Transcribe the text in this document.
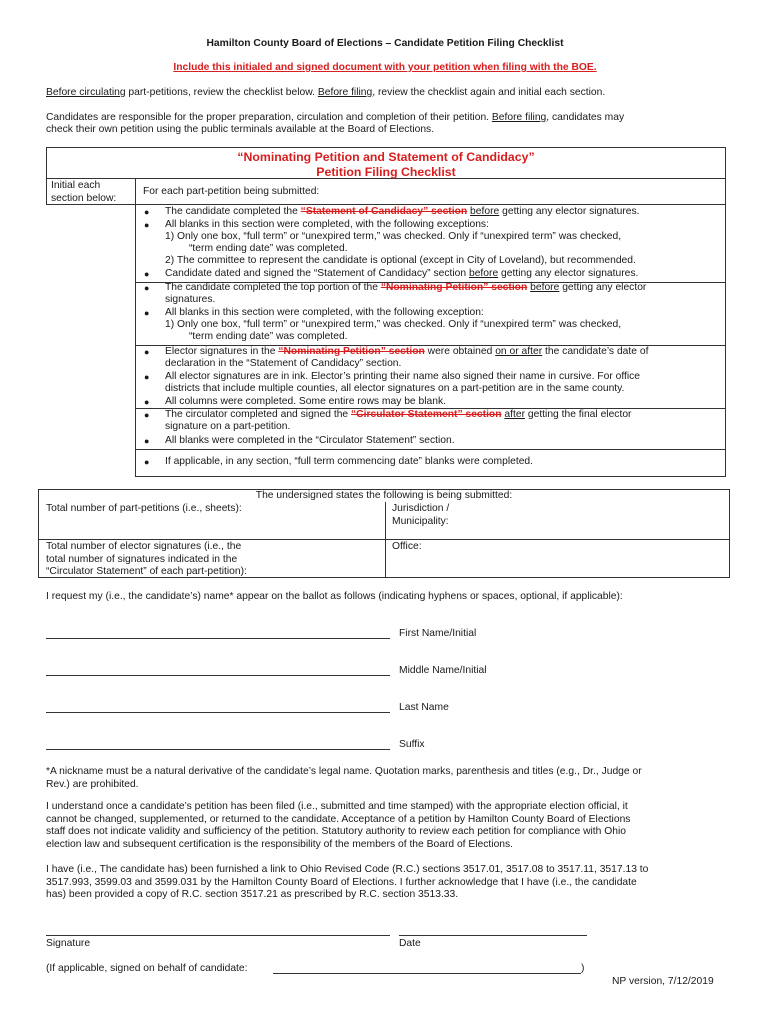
Hamilton County Board of Elections – Candidate Petition Filing Checklist
Include this initialed and signed document with your petition when filing with the BOE.
Before circulating part-petitions, review the checklist below. Before filing, review the checklist again and initial each section.
Candidates are responsible for the proper preparation, circulation and completion of their petition. Before filing, candidates may
check their own petition using the public terminals available at the Board of Elections.
“Nominating Petition and Statement of Candidacy”
Petition Filing Checklist
Initial each
section below:
For each part-petition being submitted:
● The candidate completed the “Statement of Candidacy” section before getting any elector signatures.
● All blanks in this section were completed, with the following exceptions:
1) Only one box, “full term” or “unexpired term,” was checked. Only if “unexpired term” was checked,
“term ending date” was completed.
2) The committee to represent the candidate is optional (except in City of Loveland), but recommended.
● Candidate dated and signed the “Statement of Candidacy” section before getting any elector signatures.
● The candidate completed the top portion of the “Nominating Petition” section before getting any elector
signatures.
● All blanks in this section were completed, with the following exception:
1) Only one box, “full term” or “unexpired term,” was checked. Only if “unexpired term” was checked,
“term ending date” was completed.
● Elector signatures in the “Nominating Petition” section were obtained on or after the candidate’s date of
declaration in the “Statement of Candidacy” section.
● All elector signatures are in ink. Elector’s printing their name also signed their name in cursive. For office
districts that include multiple counties, all elector signatures on a part-petition are in the same county.
● All columns were completed. Some entire rows may be blank.
● The circulator completed and signed the “Circulator Statement” section after getting the final elector
signature on a part-petition.
● All blanks were completed in the “Circulator Statement” section.
● If applicable, in any section, “full term commencing date” blanks were completed.
The undersigned states the following is being submitted:
Total number of part-petitions (i.e., sheets):	Jurisdiction /
Municipality:
Total number of elector signatures (i.e., the
total number of signatures indicated in the
“Circulator Statement” of each part-petition):
Office:
I request my (i.e., the candidate’s) name* appear on the ballot as follows (indicating hyphens or spaces, optional, if applicable):
First Name/Initial
Middle Name/Initial
Last Name
Suffix
*A nickname must be a natural derivative of the candidate’s legal name. Quotation marks, parenthesis and titles (e.g., Dr., Judge or
Rev.) are prohibited.
I understand once a candidate’s petition has been filed (i.e., submitted and time stamped) with the appropriate election official, it
cannot be changed, supplemented, or returned to the candidate. Acceptance of a petition by Hamilton County Board of Elections
staff does not indicate validity and sufficiency of the petition. Statutory authority to review each petition for compliance with Ohio
election law and subsequent certification is the responsibility of the members of the Board of Elections.
I have (i.e., The candidate has) been furnished a link to Ohio Revised Code (R.C.) sections 3517.01, 3517.08 to 3517.11, 3517.13 to
3517.993, 3599.03 and 3599.031 by the Hamilton County Board of Elections. I further acknowledge that I have (i.e., the candidate
has) been provided a copy of R.C. section 3517.21 as prescribed by R.C. section 3513.33.
Signature	Date
(If applicable, signed on behalf of candidate:	)
NP version, 7/12/2019
